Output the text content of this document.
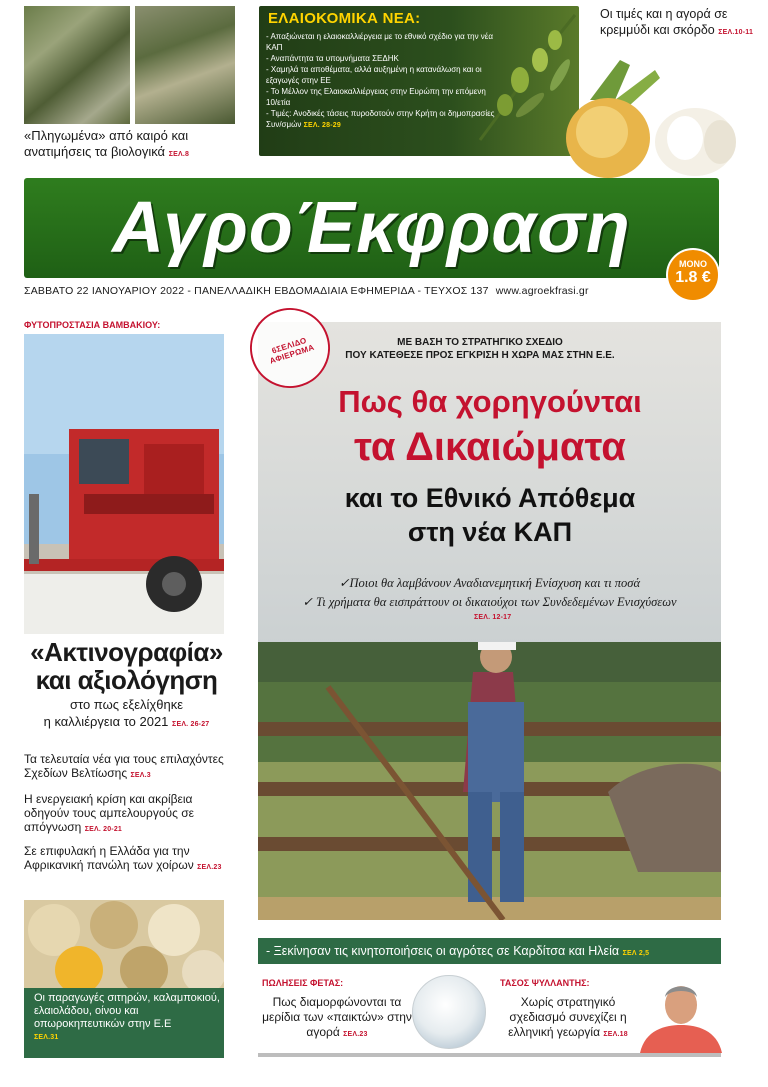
«Πληγωμένα» από καιρό και ανατιμήσεις τα βιολογικά ΣΕΛ.8
ΕΛΑΙΟΚΟΜΙΚΑ ΝΕΑ:
- Απαξιώνεται η ελαιοκαλλιέργεια με το εθνικό σχέδιο για την νέα ΚΑΠ
- Αναπάντητα τα υπομνήματα ΣΕΔΗΚ
- Χαμηλά τα αποθέματα, αλλά αυξημένη η κατανάλωση και οι εξαγωγές στην ΕΕ
- Το Μέλλον της Ελαιοκαλλιέργειας στην Ευρώπη την επόμενη 10/ετία
- Τιμές: Ανοδικές τάσεις πυροδοτούν στην Κρήτη οι δημοπρασίες Συν/σμών ΣΕΛ. 28-29
Οι τιμές και η αγορά σε κρεμμύδι και σκόρδο ΣΕΛ.10-11
ΑγροΈκφραση	ΜΟΝΟ
1.8 €
ΣΑΒΒΑΤΟ 22 ΙΑΝΟΥΑΡΙΟΥ 2022 - ΠΑΝΕΛΛΑΔΙΚΗ ΕΒΔΟΜΑΔΙΑΙΑ ΕΦΗΜΕΡΙΔΑ - ΤΕΥΧΟΣ 137 www.agroekfrasi.gr
ΦΥΤΟΠΡΟΣΤΑΣΙΑ ΒΑΜΒΑΚΙΟΥ:
«Ακτινογραφία»
και αξιολόγηση
στο πως εξελίχθηκε
η καλλιέργεια το 2021 ΣΕΛ. 26-27
Τα τελευταία νέα για τους επιλαχόντες Σχεδίων Βελτίωσης ΣΕΛ.3
Η ενεργειακή κρίση και ακρίβεια οδηγούν τους αμπελουργούς σε απόγνωση ΣΕΛ. 20-21
Σε επιφυλακή η Ελλάδα για την Αφρικανική πανώλη των χοίρων ΣΕΛ.23
Οι παραγωγές σιτηρών, καλαμποκιού, ελαιολάδου, οίνου και οπωροκηπευτικών στην Ε.Ε
ΣΕΛ.31
6ΣΕΛΙΔΟ ΑΦΙΕΡΩΜΑ
ΜΕ ΒΑΣΗ ΤΟ ΣΤΡΑΤΗΓΙΚΟ ΣΧΕΔΙΟ
ΠΟΥ ΚΑΤΕΘΕΣΕ ΠΡΟΣ ΕΓΚΡΙΣΗ Η ΧΩΡΑ ΜΑΣ ΣΤΗΝ Ε.Ε.
Πως θα χορηγούνται
τα Δικαιώματα
και το Εθνικό Απόθεμα
στη νέα ΚΑΠ
✓Ποιοι θα λαμβάνουν Αναδιανεμητική Ενίσχυση και τι ποσά
✓ Τι χρήματα θα εισπράττουν οι δικαιούχοι των Συνδεδεμένων Ενισχύσεων
ΣΕΛ. 12-17
- Ξεκίνησαν τις κινητοποιήσεις οι αγρότες σε Καρδίτσα και Ηλεία ΣΕΛ 2,5
ΠΩΛΗΣΕΙΣ ΦΕΤΑΣ:
Πως διαμορφώνονται τα μερίδια των «παικτών» στην αγορά ΣΕΛ.23
ΤΑΣΟΣ ΨΥΛΛΑΝΤΗΣ:
Χωρίς στρατηγικό σχεδιασμό συνεχίζει η ελληνική γεωργία ΣΕΛ.18
